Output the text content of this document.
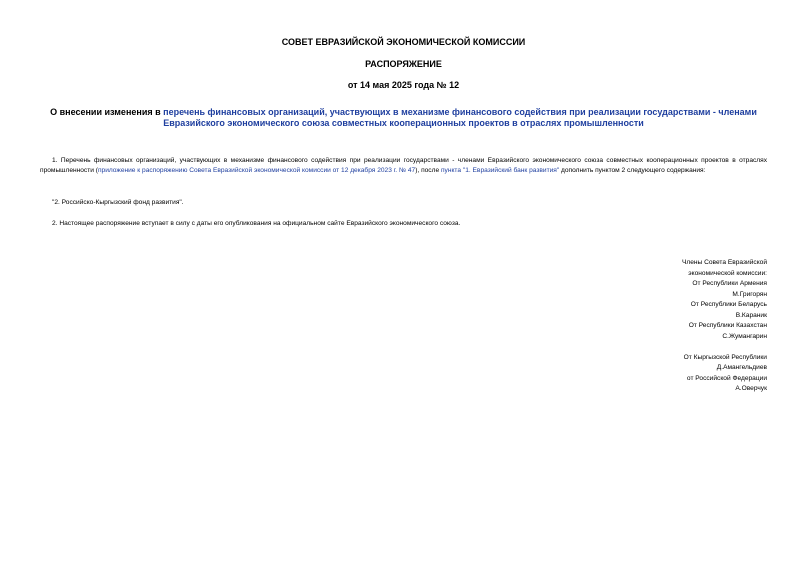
СОВЕТ ЕВРАЗИЙСКОЙ ЭКОНОМИЧЕСКОЙ КОМИССИИ
РАСПОРЯЖЕНИЕ
от 14 мая 2025 года № 12
О внесении изменения в перечень финансовых организаций, участвующих в механизме финансового содействия при реализации государствами - членами Евразийского экономического союза совместных кооперационных проектов в отраслях промышленности
1. Перечень финансовых организаций, участвующих в механизме финансового содействия при реализации государствами - членами Евразийского экономического союза совместных кооперационных проектов в отраслях промышленности (приложение к распоряжению Совета Евразийской экономической комиссии от 12 декабря 2023 г. № 47), после пункта "1. Евразийский банк развития" дополнить пунктом 2 следующего содержания:
"2. Российско-Кыргызский фонд развития".
2. Настоящее распоряжение вступает в силу с даты его опубликования на официальном сайте Евразийского экономического союза.
Члены Совета Евразийской
экономической комиссии:
От Республики Армения
М.Григорян
От Республики Беларусь
В.Караник
От Республики Казахстан
С.Жумангарин
От Кыргызской Республики
Д.Амангельдиев
от Российской Федерации
А.Оверчук
